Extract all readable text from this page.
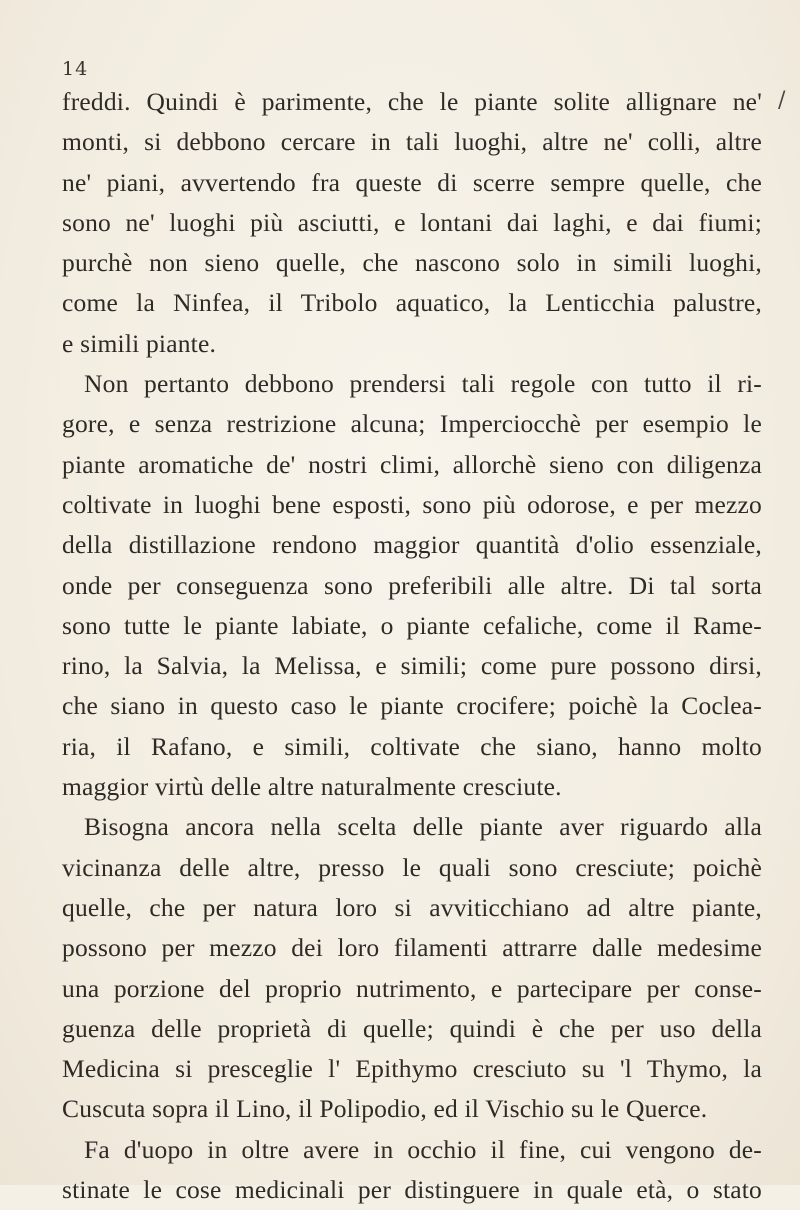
14
/
freddi. Quindi è parimente, che le piante solite allignare ne'
monti, si debbono cercare in tali luoghi, altre ne' colli, altre
ne' piani, avvertendo fra queste di scerre sempre quelle, che
sono ne' luoghi più asciutti, e lontani dai laghi, e dai fiumi;
purchè non sieno quelle, che nascono solo in simili luoghi,
come la Ninfea, il Tribolo aquatico, la Lenticchia palustre,
e simili piante.
Non pertanto debbono prendersi tali regole con tutto il ri-
gore, e senza restrizione alcuna; Imperciocchè per esempio le
piante aromatiche de' nostri climi, allorchè sieno con diligenza
coltivate in luoghi bene esposti, sono più odorose, e per mezzo
della distillazione rendono maggior quantità d'olio essenziale,
onde per conseguenza sono preferibili alle altre. Di tal sorta
sono tutte le piante labiate, o piante cefaliche, come il Rame-
rino, la Salvia, la Melissa, e simili; come pure possono dirsi,
che siano in questo caso le piante crocifere; poichè la Coclea-
ria, il Rafano, e simili, coltivate che siano, hanno molto
maggior virtù delle altre naturalmente cresciute.
Bisogna ancora nella scelta delle piante aver riguardo alla
vicinanza delle altre, presso le quali sono cresciute; poichè
quelle, che per natura loro si avviticchiano ad altre piante,
possono per mezzo dei loro filamenti attrarre dalle medesime
una porzione del proprio nutrimento, e partecipare per conse-
guenza delle proprietà di quelle; quindi è che per uso della
Medicina si presceglie l' Epithymo cresciuto su 'l Thymo, la
Cuscuta sopra il Lino, il Polipodio, ed il Vischio su le Querce.
Fa d'uopo in oltre avere in occhio il fine, cui vengono de-
stinate le cose medicinali per distinguere in quale età, o stato
